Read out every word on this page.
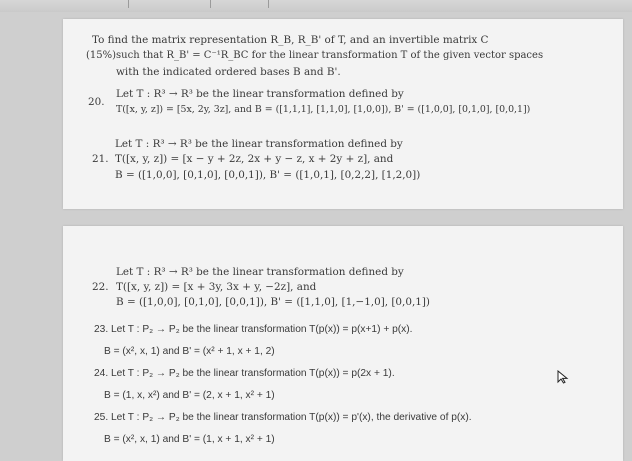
To find the matrix representation R_B, R_B' of T, and an invertible matrix C
(15%)such that R_B' = C⁻¹R_BC for the linear transformation T of the given vector spaces
with the indicated ordered bases B and B'.
20.
Let T : R³ → R³ be the linear transformation defined by
T([x, y, z]) = [5x, 2y, 3z], and B = ([1,1,1], [1,1,0], [1,0,0]), B' = ([1,0,0], [0,1,0], [0,0,1])
Let T : R³ → R³ be the linear transformation defined by
21. T([x, y, z]) = [x − y + 2z, 2x + y − z, x + 2y + z], and
B = ([1,0,0], [0,1,0], [0,0,1]), B' = ([1,0,1], [0,2,2], [1,2,0])
Let T : R³ → R³ be the linear transformation defined by
22. T([x, y, z]) = [x + 3y, 3x + y, −2z], and
B = ([1,0,0], [0,1,0], [0,0,1]), B' = ([1,1,0], [1,−1,0], [0,0,1])
23. Let T : P₂ → P₂ be the linear transformation T(p(x)) = p(x+1) + p(x).
B = (x², x, 1) and B' = (x² + 1, x + 1, 2)
24. Let T : P₂ → P₂ be the linear transformation T(p(x)) = p(2x + 1).
B = (1, x, x²) and B' = (2, x + 1, x² + 1)
25. Let T : P₂ → P₂ be the linear transformation T(p(x)) = p'(x), the derivative of p(x).
B = (x², x, 1) and B' = (1, x + 1, x² + 1)
